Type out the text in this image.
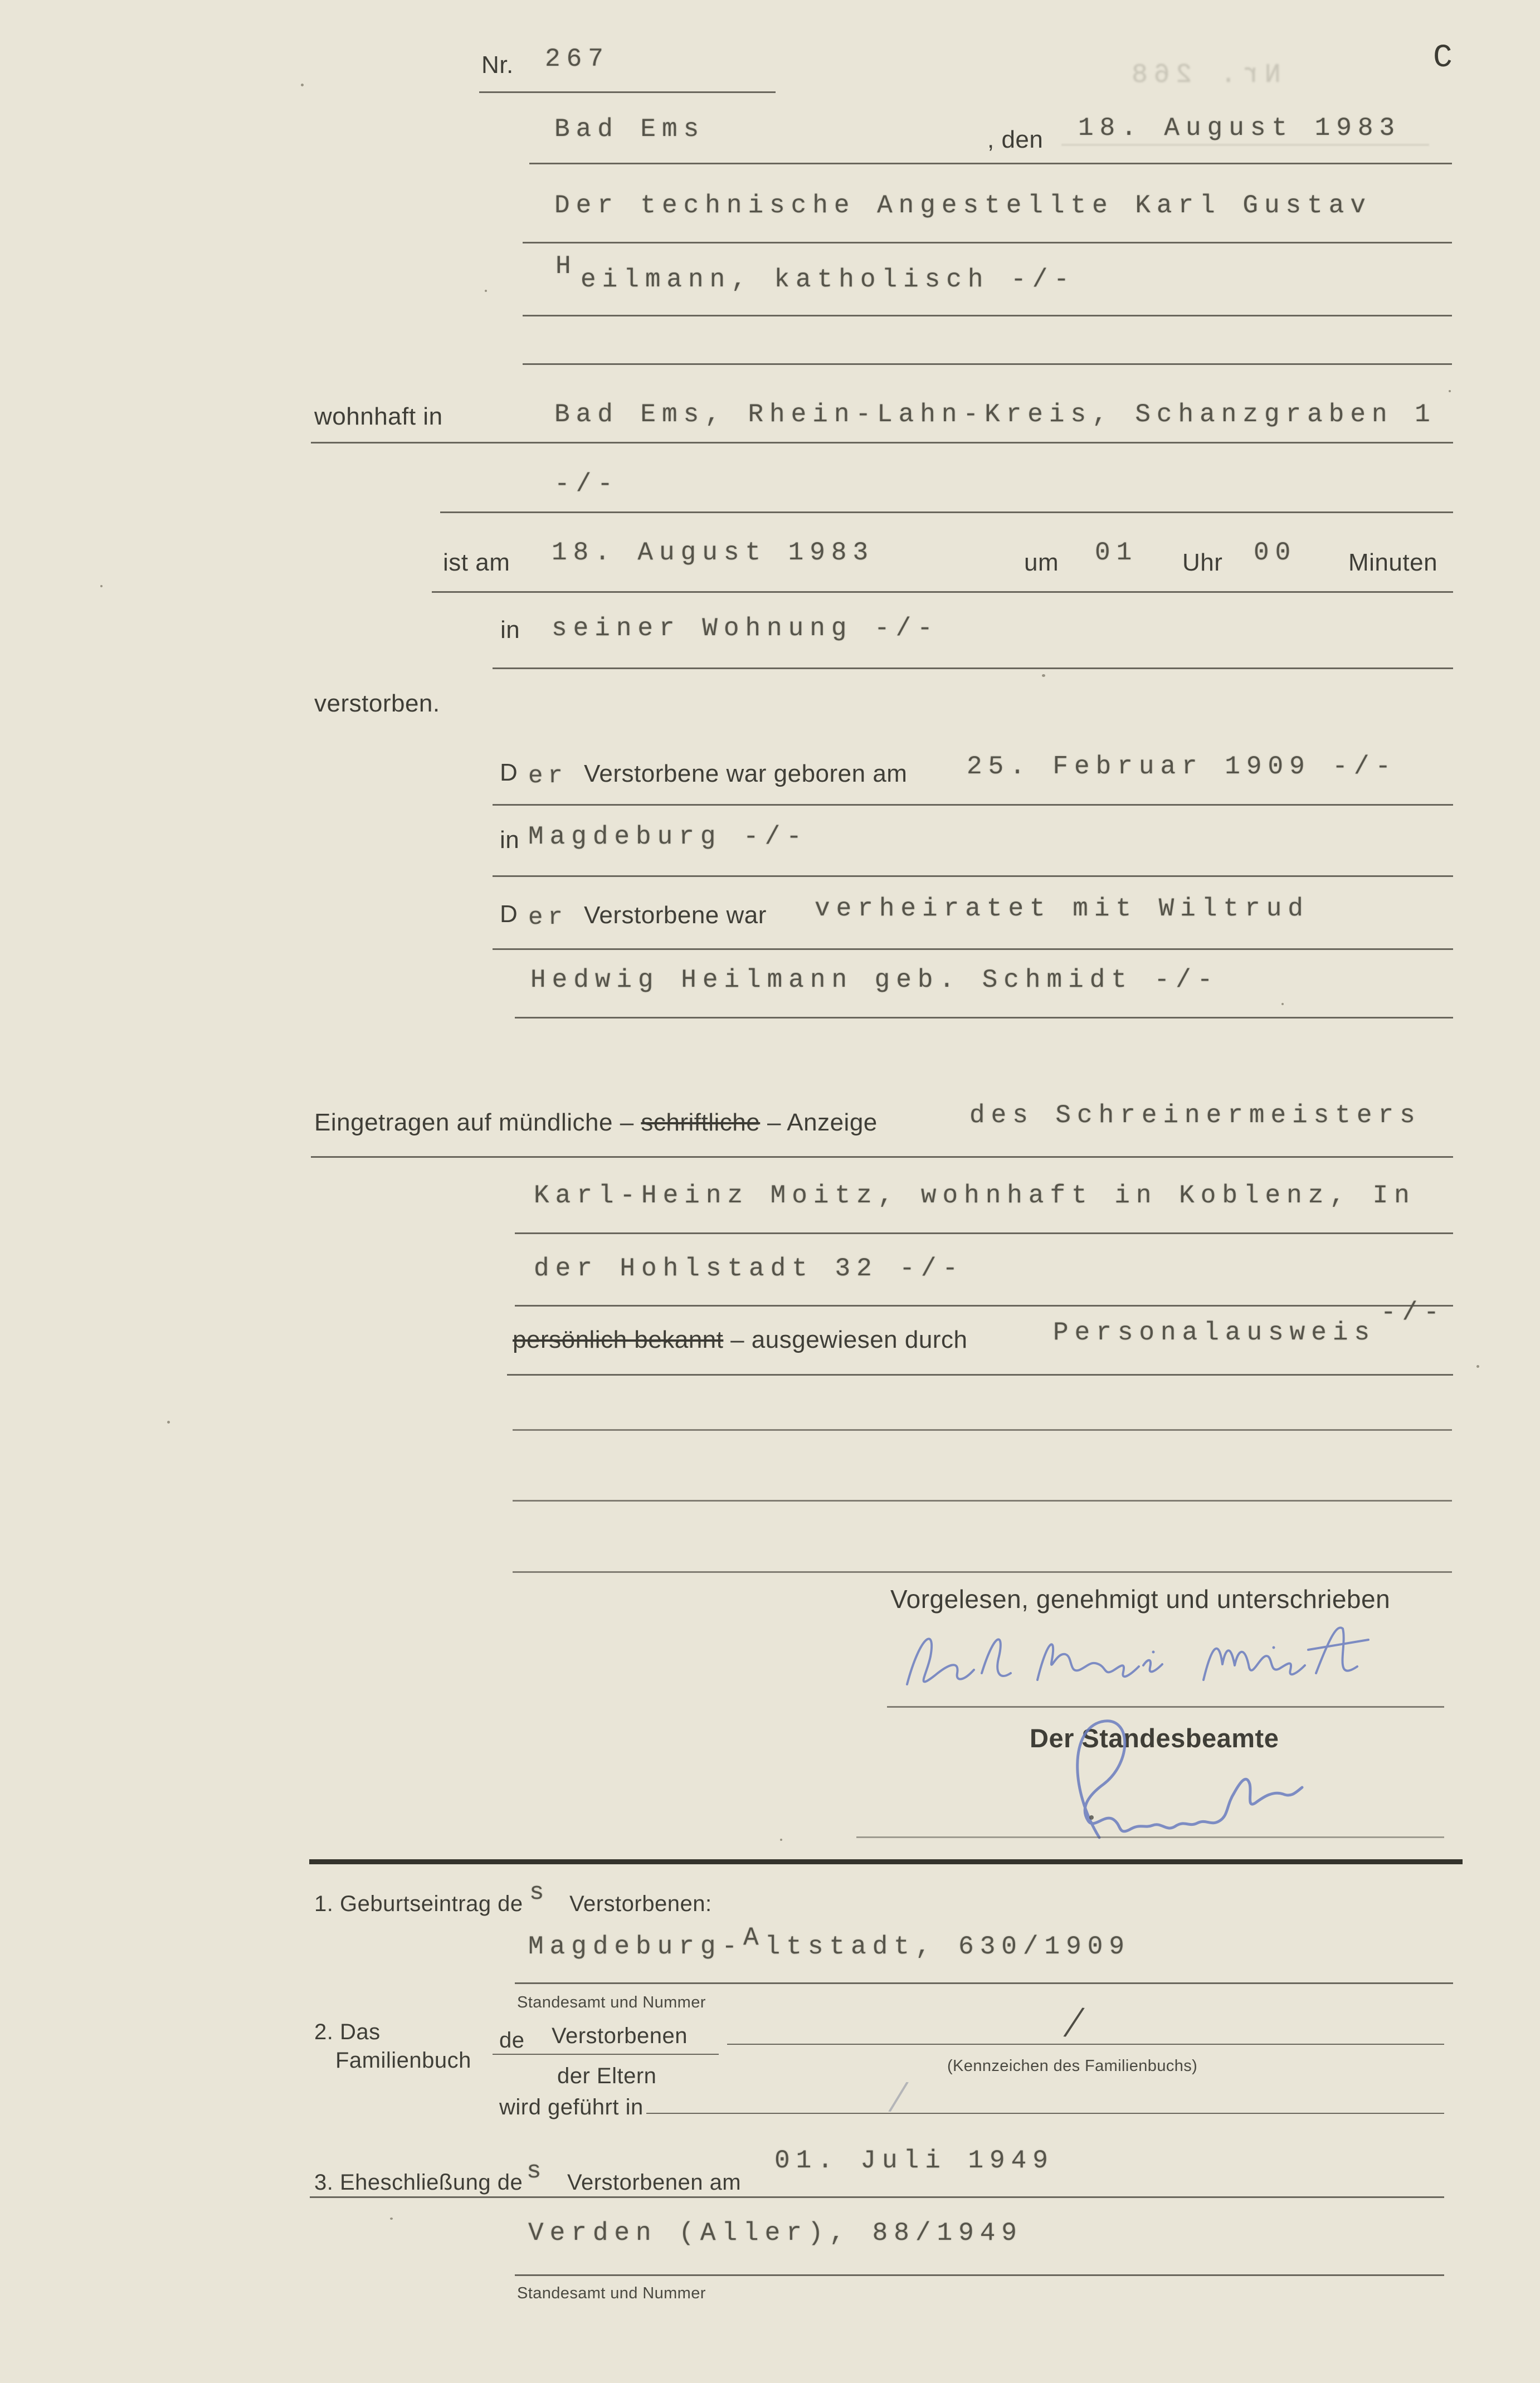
Nr. 268
Nr. 267	C
Bad Ems	, den 18. August 1983
Der technische Angestellte Karl Gustav
H eilmann, katholisch -/-
wohnhaft in	Bad Ems, Rhein-Lahn-Kreis, Schanzgraben 1
-/-
ist am 18. August 1983	um 01 Uhr 00 Minuten
in seiner Wohnung -/-
verstorben.
D er Verstorbene war geboren am 25. Februar 1909 -/-
in Magdeburg -/-
D er Verstorbene war verheiratet mit Wiltrud
Hedwig Heilmann geb. Schmidt -/-
Eingetragen auf mündliche – schriftliche – Anzeige	des Schreinermeisters
Karl-Heinz Moitz, wohnhaft in Koblenz, In
der Hohlstadt 32 -/-
persönlich bekannt – ausgewiesen durch	Personalausweis
-/-
Vorgelesen, genehmigt und unterschrieben
Der Standesbeamte
1. Geburtseintrag de s Verstorbenen:
Magdeburg-Altstadt, 630/1909
Standesamt und Nummer
2. Das
Familienbuch
de Verstorbenen
der Eltern
/
(Kennzeichen des Familienbuchs)
wird geführt in	/
3. Eheschließung de s Verstorbenen am
01. Juli 1949
Verden (Aller), 88/1949
Standesamt und Nummer
